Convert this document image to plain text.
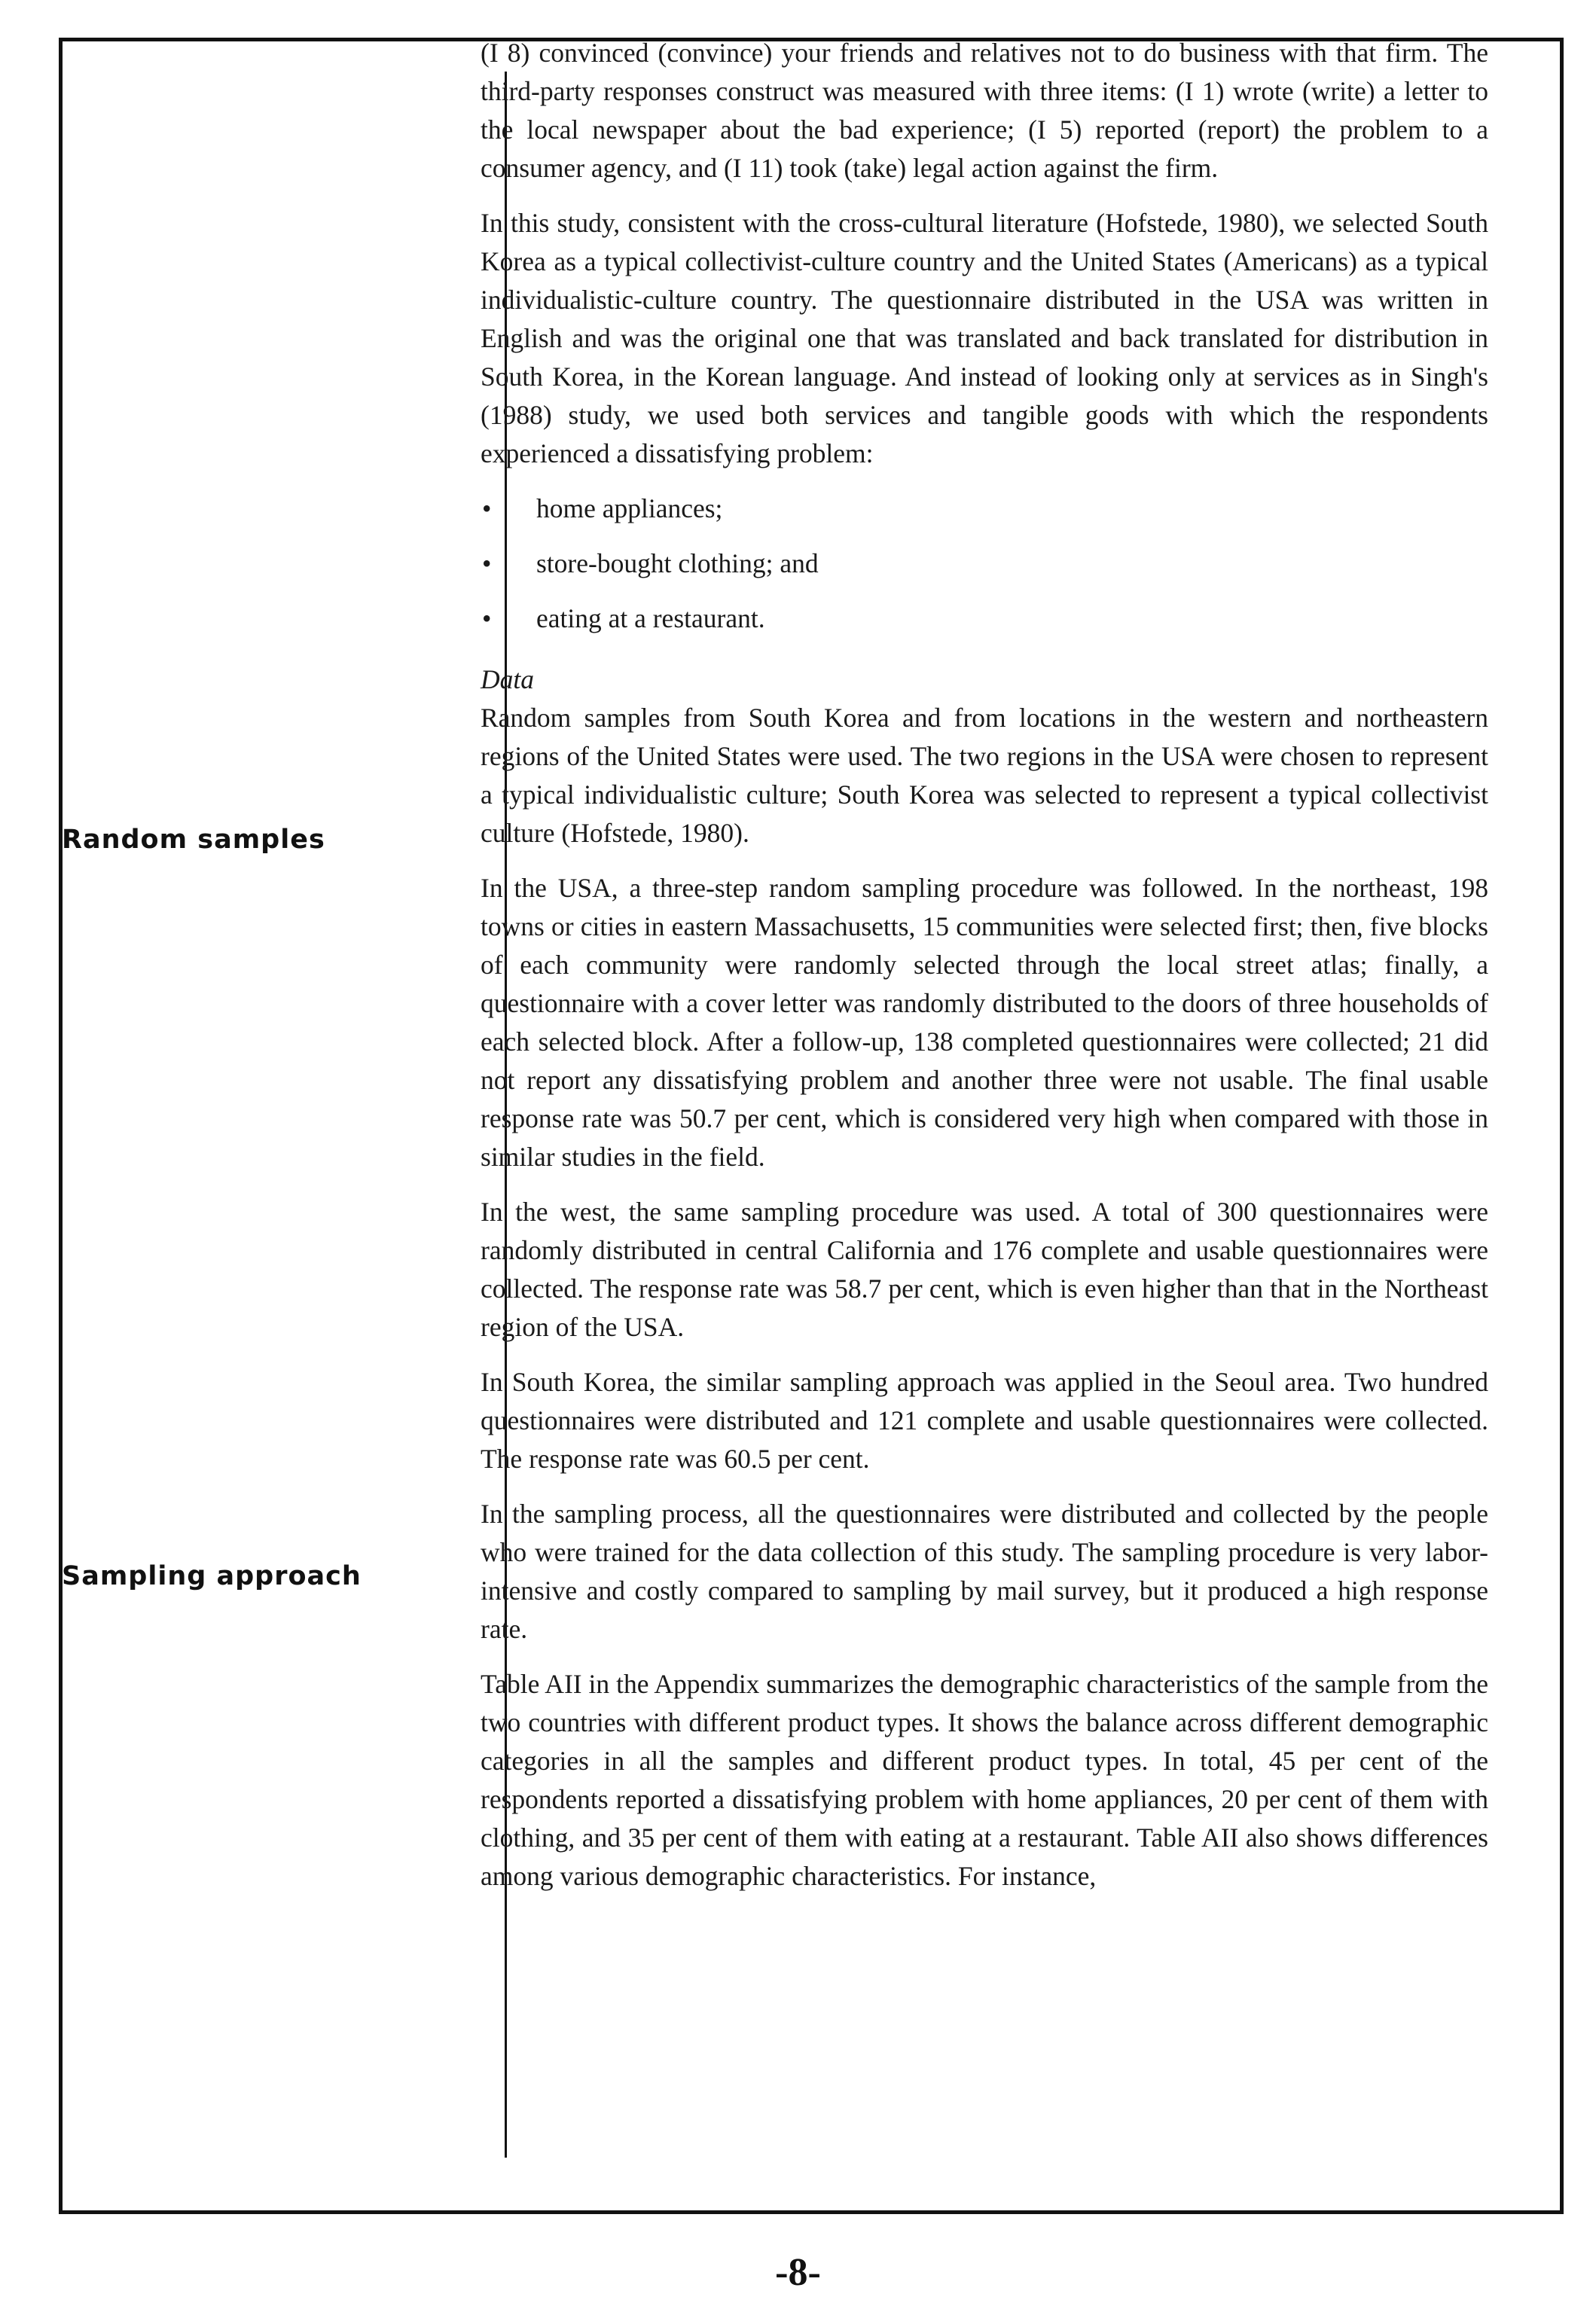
Random samples
Sampling approach

(I 8) convinced (convince) your friends and relatives not to do business with that firm. The third-party responses construct was measured with three items: (I 1) wrote (write) a letter to the local newspaper about the bad experience; (I 5) reported (report) the problem to a consumer agency, and (I 11) took (take) legal action against the firm.

In this study, consistent with the cross-cultural literature (Hofstede, 1980), we selected South Korea as a typical collectivist-culture country and the United States (Americans) as a typical individualistic-culture country. The questionnaire distributed in the USA was written in English and was the original one that was translated and back translated for distribution in South Korea, in the Korean language. And instead of looking only at services as in Singh's (1988) study, we used both services and tangible goods with which the respondents experienced a dissatisfying problem:

• home appliances;
• store-bought clothing; and
• eating at a restaurant.
Data

Random samples from South Korea and from locations in the western and northeastern regions of the United States were used. The two regions in the USA were chosen to represent a typical individualistic culture; South Korea was selected to represent a typical collectivist culture (Hofstede, 1980).

In the USA, a three-step random sampling procedure was followed. In the northeast, 198 towns or cities in eastern Massachusetts, 15 communities were selected first; then, five blocks of each community were randomly selected through the local street atlas; finally, a questionnaire with a cover letter was randomly distributed to the doors of three households of each selected block. After a follow-up, 138 completed questionnaires were collected; 21 did not report any dissatisfying problem and another three were not usable. The final usable response rate was 50.7 per cent, which is considered very high when compared with those in similar studies in the field.

In the west, the same sampling procedure was used. A total of 300 questionnaires were randomly distributed in central California and 176 complete and usable questionnaires were collected. The response rate was 58.7 per cent, which is even higher than that in the Northeast region of the USA.

In South Korea, the similar sampling approach was applied in the Seoul area. Two hundred questionnaires were distributed and 121 complete and usable questionnaires were collected. The response rate was 60.5 per cent.

In the sampling process, all the questionnaires were distributed and collected by the people who were trained for the data collection of this study. The sampling procedure is very labor-intensive and costly compared to sampling by mail survey, but it produced a high response rate.

Table AII in the Appendix summarizes the demographic characteristics of the sample from the two countries with different product types. It shows the balance across different demographic categories in all the samples and different product types. In total, 45 per cent of the respondents reported a dissatisfying problem with home appliances, 20 per cent of them with clothing, and 35 per cent of them with eating at a restaurant. Table AII also shows differences among various demographic characteristics. For instance,

-8-
